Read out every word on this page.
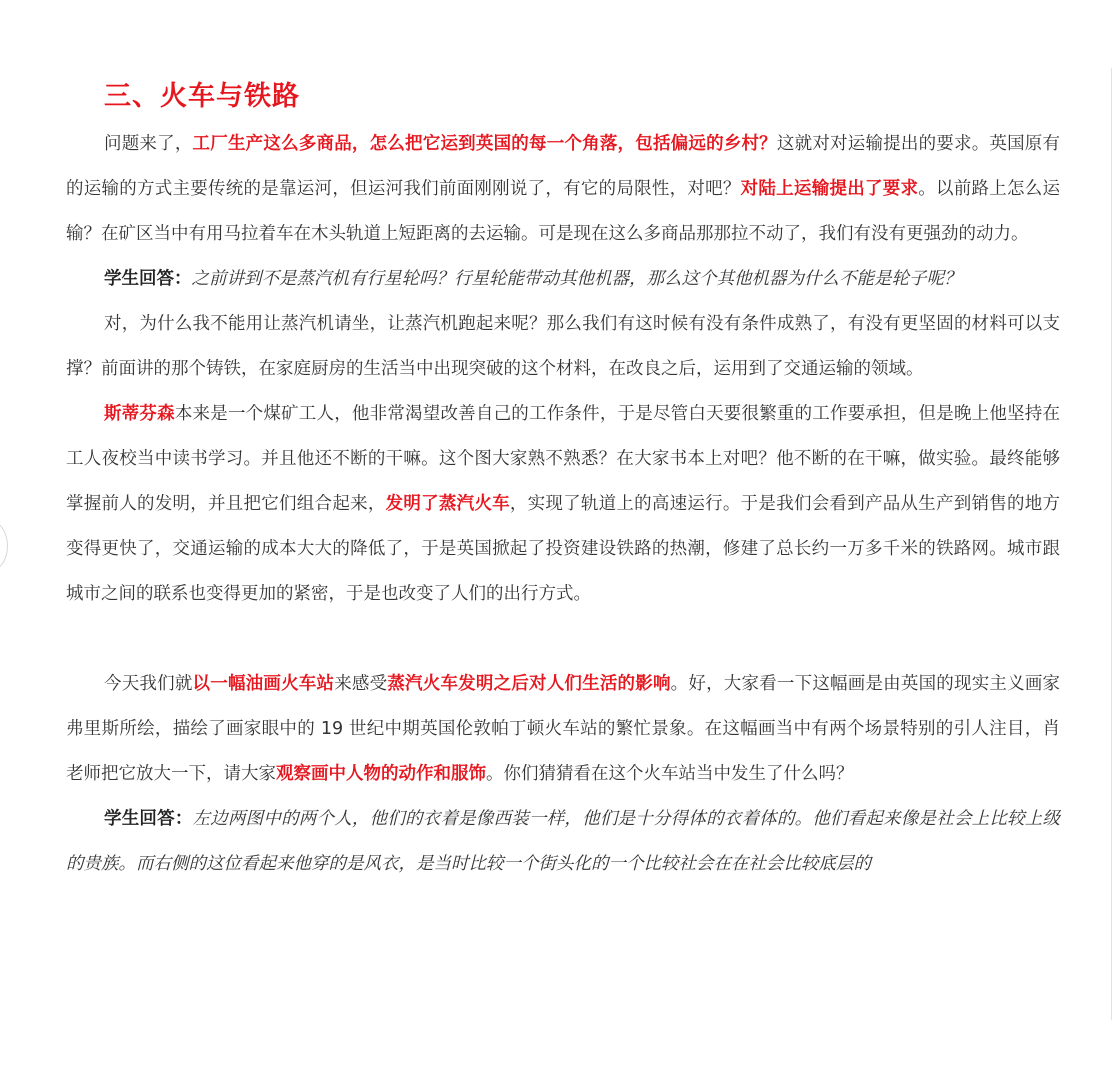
三、火车与铁路

问题来了，工厂生产这么多商品，怎么把它运到英国的每一个角落，包括偏远的乡村？这就对对运输提出的要求。英国原有的运输的方式主要传统的是靠运河，但运河我们前面刚刚说了，有它的局限性，对吧？对陆上运输提出了要求。以前路上怎么运输？在矿区当中有用马拉着车在木头轨道上短距离的去运输。可是现在这么多商品那那拉不动了，我们有没有更强劲的动力。

学生回答：之前讲到不是蒸汽机有行星轮吗？行星轮能带动其他机器，那么这个其他机器为什么不能是轮子呢？

对，为什么我不能用让蒸汽机请坐，让蒸汽机跑起来呢？那么我们有这时候有没有条件成熟了，有没有更坚固的材料可以支撑？前面讲的那个铸铁，在家庭厨房的生活当中出现突破的这个材料，在改良之后，运用到了交通运输的领域。

斯蒂芬森本来是一个煤矿工人，他非常渴望改善自己的工作条件，于是尽管白天要很繁重的工作要承担，但是晚上他坚持在工人夜校当中读书学习。并且他还不断的干嘛。这个图大家熟不熟悉？在大家书本上对吧？他不断的在干嘛，做实验。最终能够掌握前人的发明，并且把它们组合起来，发明了蒸汽火车，实现了轨道上的高速运行。于是我们会看到产品从生产到销售的地方变得更快了，交通运输的成本大大的降低了，于是英国掀起了投资建设铁路的热潮，修建了总长约一万多千米的铁路网。城市跟城市之间的联系也变得更加的紧密，于是也改变了人们的出行方式。

今天我们就以一幅油画火车站来感受蒸汽火车发明之后对人们生活的影响。好，大家看一下这幅画是由英国的现实主义画家弗里斯所绘，描绘了画家眼中的 19 世纪中期英国伦敦帕丁顿火车站的繁忙景象。在这幅画当中有两个场景特别的引人注目，肖老师把它放大一下，请大家观察画中人物的动作和服饰。你们猜猜看在这个火车站当中发生了什么吗？

学生回答：左边两图中的两个人，他们的衣着是像西装一样，他们是十分得体的衣着体的。他们看起来像是社会上比较上级的贵族。而右侧的这位看起来他穿的是风衣，是当时比较一个街头化的一个比较社会在在社会比较底层的
